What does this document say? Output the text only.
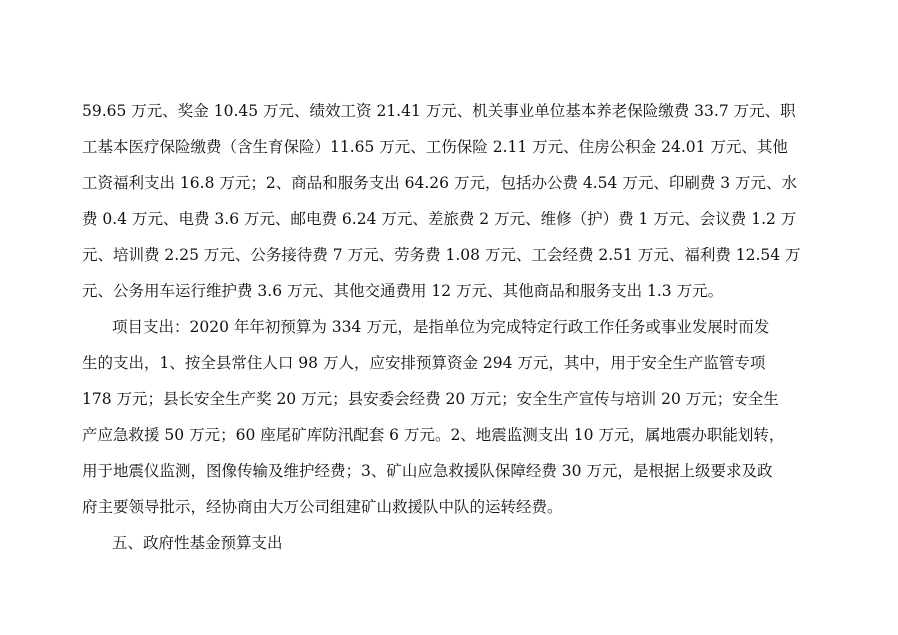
59.65 万元、奖金 10.45 万元、绩效工资 21.41 万元、机关事业单位基本养老保险缴费 33.7 万元、职
工基本医疗保险缴费（含生育保险）11.65 万元、工伤保险 2.11 万元、住房公积金 24.01 万元、其他
工资福利支出 16.8 万元；2、商品和服务支出 64.26 万元，包括办公费 4.54 万元、印刷费 3 万元、水
费 0.4 万元、电费 3.6 万元、邮电费 6.24 万元、差旅费 2 万元、维修（护）费 1 万元、会议费 1.2 万
元、培训费 2.25 万元、公务接待费 7 万元、劳务费 1.08 万元、工会经费 2.51 万元、福利费 12.54 万
元、公务用车运行维护费 3.6 万元、其他交通费用 12 万元、其他商品和服务支出 1.3 万元。
项目支出：2020 年年初预算为 334 万元，是指单位为完成特定行政工作任务或事业发展时而发
生的支出，1、按全县常住人口 98 万人，应安排预算资金 294 万元，其中，用于安全生产监管专项
178 万元；县长安全生产奖 20 万元；县安委会经费 20 万元；安全生产宣传与培训 20 万元；安全生
产应急救援 50 万元；60 座尾矿库防汛配套 6 万元。2、地震监测支出 10 万元，属地震办职能划转，
用于地震仪监测，图像传输及维护经费；3、矿山应急救援队保障经费 30 万元，是根据上级要求及政
府主要领导批示，经协商由大万公司组建矿山救援队中队的运转经费。
五、政府性基金预算支出
